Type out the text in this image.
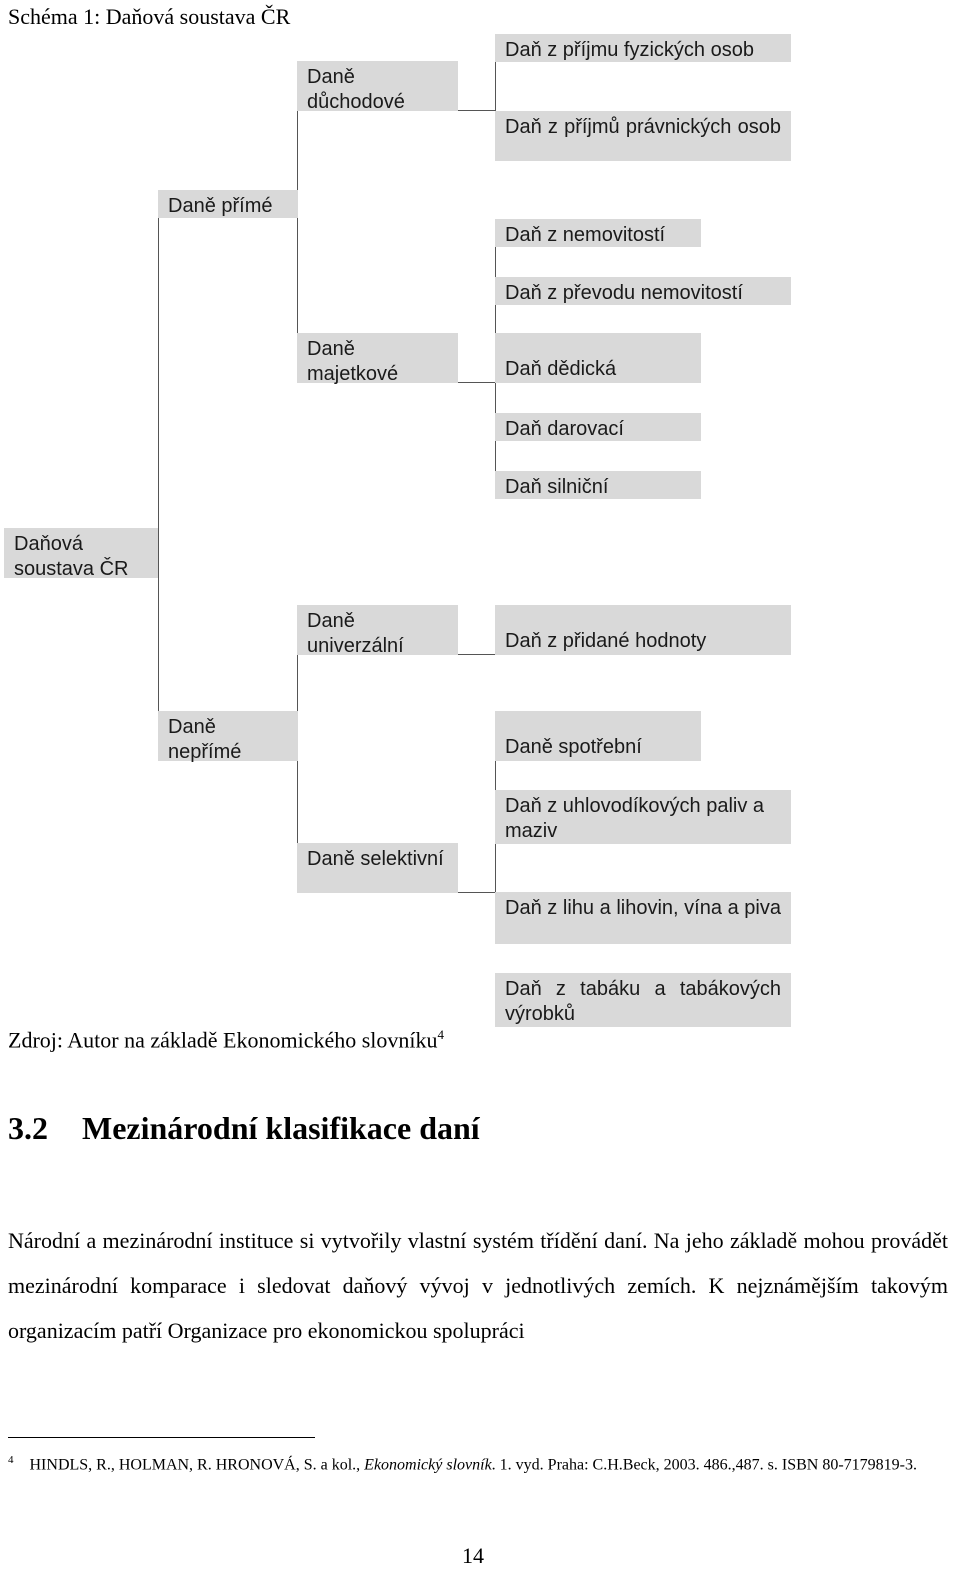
Schéma 1: Daňová soustava ČR
Daňová soustava ČR
Daně přímé
Daně nepřímé
Daně důchodové
Daně majetkové
Daně univerzální
Daně selektivní
Daň z příjmu fyzických osob
Daň z příjmů právnických osob
Daň z nemovitostí
Daň z převodu nemovitostí
Daň dědická
Daň darovací
Daň silniční
Daň z přidané hodnoty
Daně spotřební
Daň z uhlovodíkových paliv a maziv
Daň z lihu a lihovin, vína a piva
Daň z tabáku a tabákových výrobků
Zdroj: Autor na základě Ekonomického slovníku$^4$
3.2 Mezinárodní klasifikace daní

Národní a mezinárodní instituce si vytvořily vlastní systém třídění daní. Na jeho základě mohou provádět mezinárodní komparace i sledovat daňový vývoj v jednotlivých zemích. K nejznámějším takovým organizacím patří Organizace pro ekonomickou spolupráci

$^4$ HINDLS, R., HOLMAN, R. HRONOVÁ, S. a kol., Ekonomický slovník. 1. vyd. Praha: C.H.Beck, 2003. 486.,487. s. ISBN 80-7179819-3.

14
